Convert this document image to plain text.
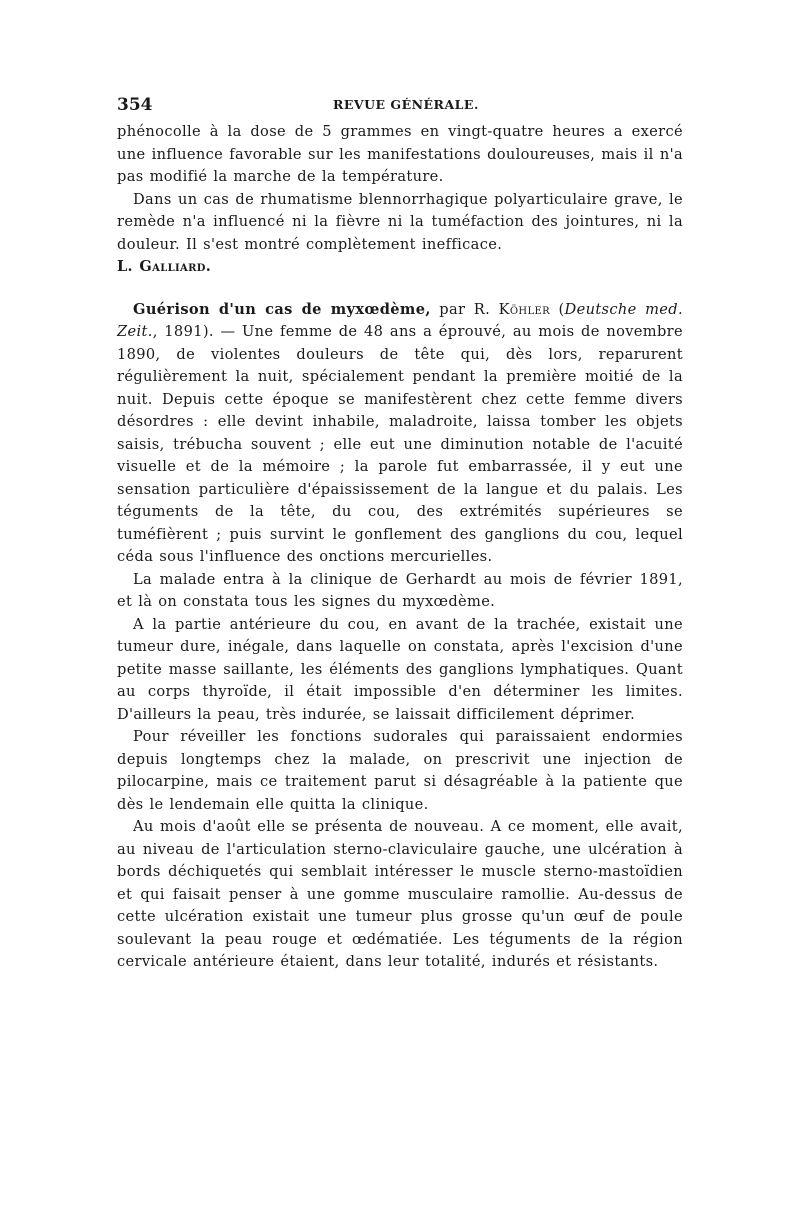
354	REVUE GÉNÉRALE.

phénocolle à la dose de 5 grammes en vingt-quatre heures a exercé une influence favorable sur les manifestations douloureuses, mais il n'a pas modifié la marche de la température.

Dans un cas de rhumatisme blennorrhagique polyarticulaire grave, le remède n'a influencé ni la fièvre ni la tuméfaction des jointures, ni la douleur. Il s'est montré complètement inefficace.

L. Galliard.

Guérison d'un cas de myxœdème, par R. Köhler (Deutsche med. Zeit., 1891). — Une femme de 48 ans a éprouvé, au mois de novembre 1890, de violentes douleurs de tête qui, dès lors, reparurent régulièrement la nuit, spécialement pendant la première moitié de la nuit. Depuis cette époque se manifestèrent chez cette femme divers désordres : elle devint inhabile, maladroite, laissa tomber les objets saisis, trébucha souvent ; elle eut une diminution notable de l'acuité visuelle et de la mémoire ; la parole fut embarrassée, il y eut une sensation particulière d'épaississement de la langue et du palais. Les téguments de la tête, du cou, des extrémités supérieures se tuméfièrent ; puis survint le gonflement des ganglions du cou, lequel céda sous l'influence des onctions mercurielles.

La malade entra à la clinique de Gerhardt au mois de février 1891, et là on constata tous les signes du myxœdème.

A la partie antérieure du cou, en avant de la trachée, existait une tumeur dure, inégale, dans laquelle on constata, après l'excision d'une petite masse saillante, les éléments des ganglions lymphatiques. Quant au corps thyroïde, il était impossible d'en déterminer les limites. D'ailleurs la peau, très indurée, se laissait difficilement déprimer.

Pour réveiller les fonctions sudorales qui paraissaient endormies depuis longtemps chez la malade, on prescrivit une injection de pilocarpine, mais ce traitement parut si désagréable à la patiente que dès le lendemain elle quitta la clinique.

Au mois d'août elle se présenta de nouveau. A ce moment, elle avait, au niveau de l'articulation sterno-claviculaire gauche, une ulcération à bords déchiquetés qui semblait intéresser le muscle sterno-mastoïdien et qui faisait penser à une gomme musculaire ramollie. Au-dessus de cette ulcération existait une tumeur plus grosse qu'un œuf de poule soulevant la peau rouge et œdématiée. Les téguments de la région cervicale antérieure étaient, dans leur totalité, indurés et résistants.
